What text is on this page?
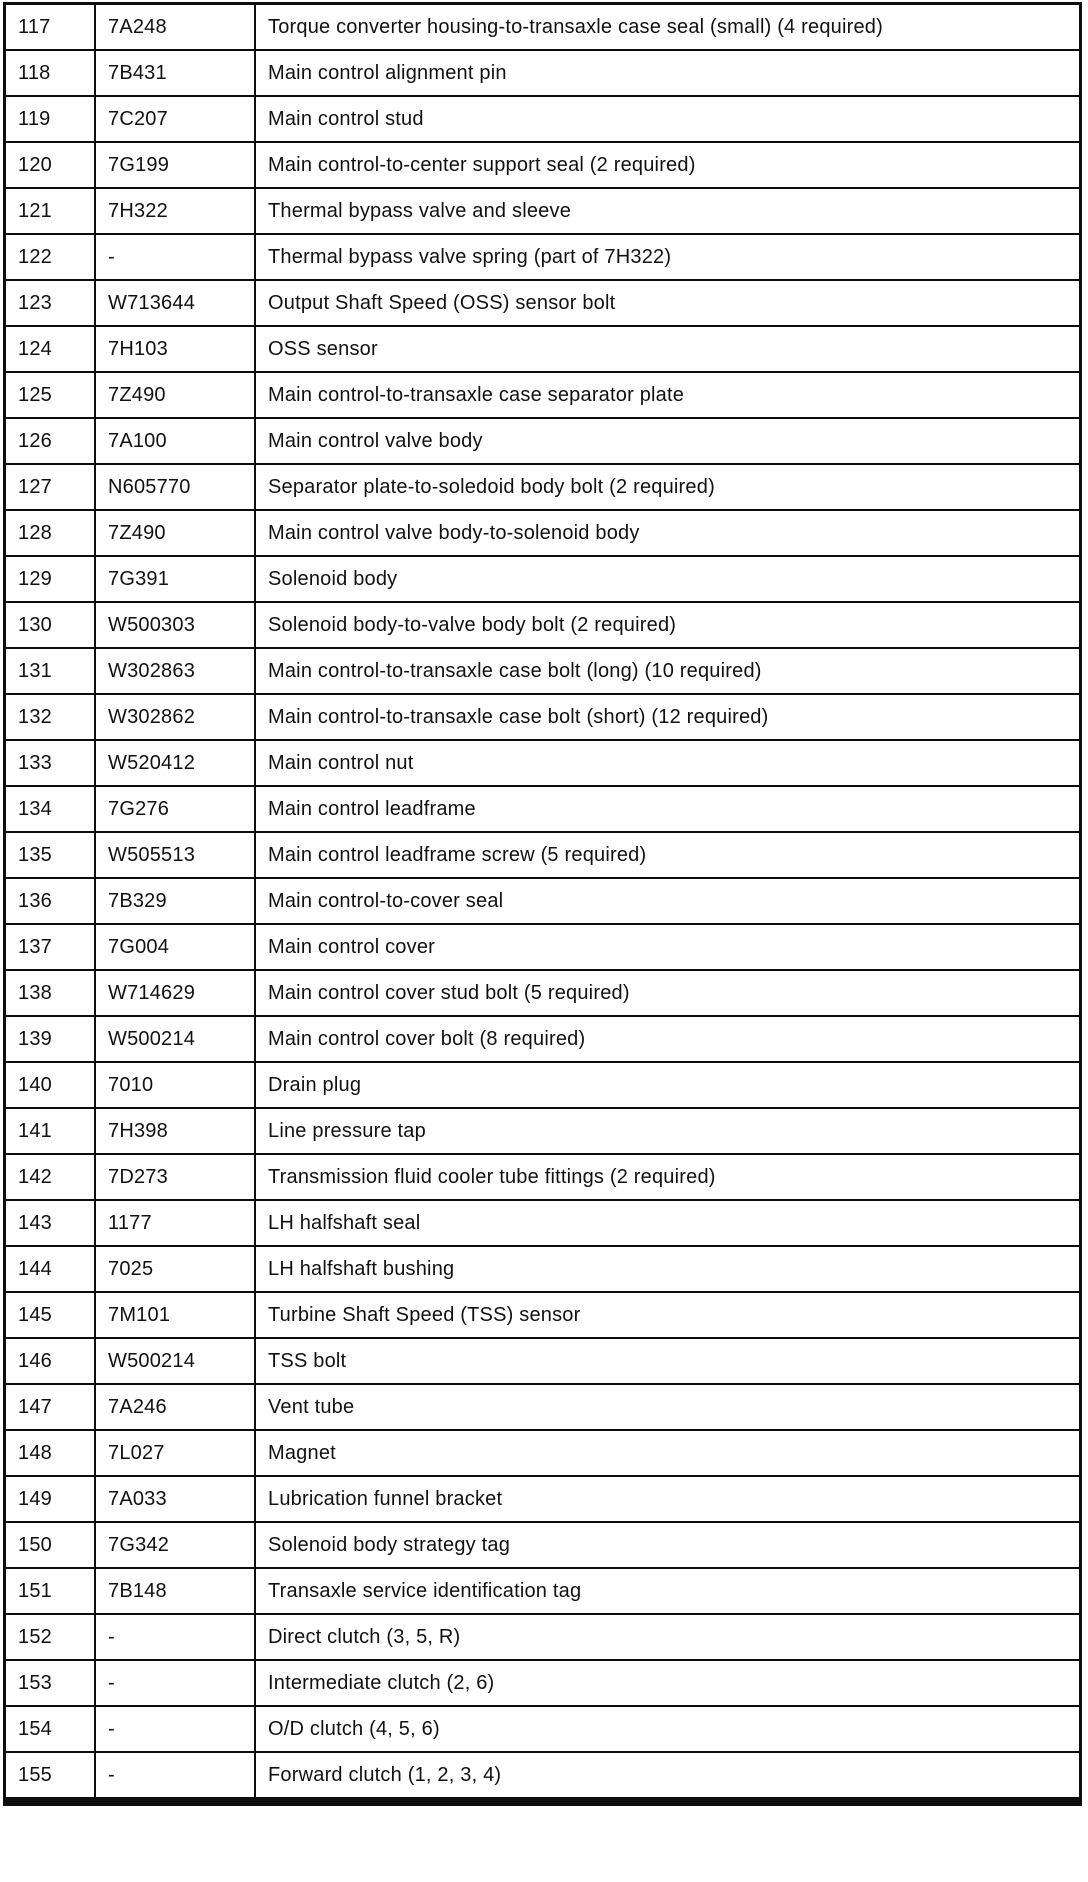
117	7A248	Torque converter housing-to-transaxle case seal (small) (4 required)
118	7B431	Main control alignment pin
119	7C207	Main control stud
120	7G199	Main control-to-center support seal (2 required)
121	7H322	Thermal bypass valve and sleeve
122	-	Thermal bypass valve spring (part of 7H322)
123	W713644	Output Shaft Speed (OSS) sensor bolt
124	7H103	OSS sensor
125	7Z490	Main control-to-transaxle case separator plate
126	7A100	Main control valve body
127	N605770	Separator plate-to-soledoid body bolt (2 required)
128	7Z490	Main control valve body-to-solenoid body
129	7G391	Solenoid body
130	W500303	Solenoid body-to-valve body bolt (2 required)
131	W302863	Main control-to-transaxle case bolt (long) (10 required)
132	W302862	Main control-to-transaxle case bolt (short) (12 required)
133	W520412	Main control nut
134	7G276	Main control leadframe
135	W505513	Main control leadframe screw (5 required)
136	7B329	Main control-to-cover seal
137	7G004	Main control cover
138	W714629	Main control cover stud bolt (5 required)
139	W500214	Main control cover bolt (8 required)
140	7010	Drain plug
141	7H398	Line pressure tap
142	7D273	Transmission fluid cooler tube fittings (2 required)
143	1177	LH halfshaft seal
144	7025	LH halfshaft bushing
145	7M101	Turbine Shaft Speed (TSS) sensor
146	W500214	TSS bolt
147	7A246	Vent tube
148	7L027	Magnet
149	7A033	Lubrication funnel bracket
150	7G342	Solenoid body strategy tag
151	7B148	Transaxle service identification tag
152	-	Direct clutch (3, 5, R)
153	-	Intermediate clutch (2, 6)
154	-	O/D clutch (4, 5, 6)
155	-	Forward clutch (1, 2, 3, 4)
